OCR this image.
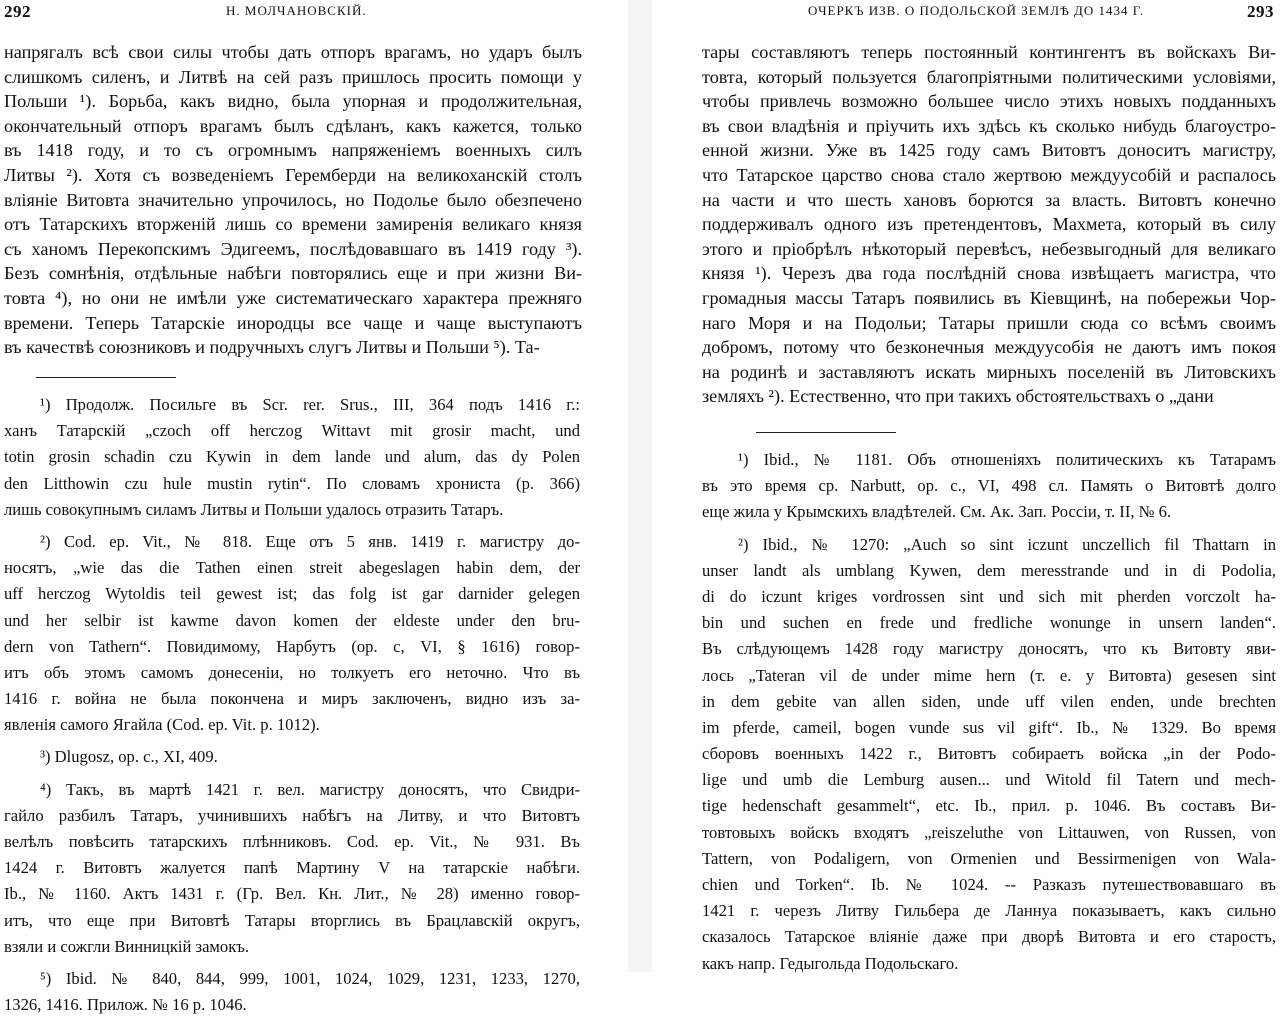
292	Н. МОЛЧАНОВСКІЙ.
напрягалъ всѣ свои силы чтобы дать отпоръ врагамъ, но ударъ былъ
слишкомъ силенъ, и Литвѣ на сей разъ пришлось просить помощи у
Польши ¹). Борьба, какъ видно, была упорная и продолжительная,
окончательный отпоръ врагамъ былъ сдѣланъ, какъ кажется, только
въ 1418 году, и то съ огромнымъ напряженіемъ военныхъ силъ
Литвы ²). Хотя съ возведеніемъ Геремберди на великоханскій столъ
вліяніе Витовта значительно упрочилось, но Подолье было обезпечено
отъ Татарскихъ вторженій лишь со времени замиренія великаго князя
съ ханомъ Перекопскимъ Эдигеемъ, послѣдовавшаго въ 1419 году ³).
Безъ сомнѣнія, отдѣльные набѣги повторялись еще и при жизни Ви-
товта ⁴), но они не имѣли уже систематическаго характера прежняго
времени. Теперь Татарскіе инородцы все чаще и чаще выступаютъ
въ качествѣ союзниковъ и подручныхъ слугъ Литвы и Польши ⁵). Та-
¹) Продолж. Посильге въ Scr. rer. Srus., III, 364 подъ 1416 г.:
ханъ Татарскій „czoch off herczog Wittavt mit grosir macht, und
totin grosin schadin czu Kywin in dem lande und alum, das dy Polen
den Litthowin czu hule mustin rytin“. По словамъ хрониста (р. 366)
лишь совокупнымъ силамъ Литвы и Польши удалось отразить Татаръ.
²) Cod. ep. Vit., № 818. Еще отъ 5 янв. 1419 г. магистру до-
носятъ, „wie das die Tathen einen streit abegeslagen habin dem, der
uff herczog Wytoldis teil gewest ist; das folg ist gar darnider gelegen
und her selbir ist kawme davon komen der eldeste under den bru-
dern von Tathern“. Повидимому, Нарбутъ (ор. с, VI, § 1616) говор-
итъ объ этомъ самомъ донесеніи, но толкуетъ его неточно. Что въ
1416 г. война не была покончена и миръ заключенъ, видно изъ за-
явленія самого Ягайла (Cod. ep. Vit. р. 1012).
³) Dlugosz, op. c., XI, 409.
⁴) Такъ, въ мартѣ 1421 г. вел. магистру доносятъ, что Свидри-
гайло разбилъ Татаръ, учинившихъ набѣгъ на Литву, и что Витовтъ
велѣлъ повѣсить татарскихъ плѣнниковъ. Cod. ep. Vit., № 931. Въ
1424 г. Витовтъ жалуется папѣ Мартину V на татарскіе набѣги.
Ib., № 1160. Актъ 1431 г. (Гр. Вел. Кн. Лит., № 28) именно говор-
итъ, что еще при Витовтѣ Татары вторглись въ Брацлавскій округъ,
взяли и сожгли Винницкій замокъ.
⁵) Ibid. № 840, 844, 999, 1001, 1024, 1029, 1231, 1233, 1270,
1326, 1416. Прилож. № 16 р. 1046.
ОЧЕРКЪ ИЗВ. О ПОДОЛЬСКОЙ ЗЕМЛѢ ДО 1434 Г.	293
тары составляютъ теперь постоянный контингентъ въ войскахъ Ви-
товта, который пользуется благопріятными политическими условіями,
чтобы привлечь возможно большее число этихъ новыхъ подданныхъ
въ свои владѣнія и пріучить ихъ здѣсь къ сколько нибудь благоустро-
енной жизни. Уже въ 1425 году самъ Витовтъ доноситъ магистру,
что Татарское царство снова стало жертвою междуусобій и распалось
на части и что шесть хановъ борются за власть. Витовтъ конечно
поддерживалъ одного изъ претендентовъ, Махмета, который въ силу
этого и пріобрѣлъ нѣкоторый перевѣсъ, небезвыгодный для великаго
князя ¹). Черезъ два года послѣдній снова извѣщаетъ магистра, что
громадныя массы Татаръ появились въ Кіевщинѣ, на побережьи Чор-
наго Моря и на Подольи; Татары пришли сюда со всѣмъ своимъ
добромъ, потому что безконечныя междуусобія не даютъ имъ покоя
на родинѣ и заставляютъ искать мирныхъ поселеній въ Литовскихъ
земляхъ ²). Естественно, что при такихъ обстоятельствахъ о „дани
¹) Ibid., № 1181. Объ отношеніяхъ политическихъ къ Татарамъ
въ это время ср. Narbutt, op. c., VI, 498 сл. Память о Витовтѣ долго
еще жила у Крымскихъ владѣтелей. См. Ак. Зап. Россіи, т. II, № 6.
²) Ibid., № 1270: „Auch so sint iczunt unczellich fil Thattarn in
unser landt als umblang Kywen, dem meresstrande und in di Podolia,
di do iczunt kriges vordrossen sint und sich mit pherden vorczolt ha-
bin und suchen en frede und fredliche wonunge in unsern landen“.
Въ слѣдующемъ 1428 году магистру доносятъ, что къ Витовту яви-
лось „Tateran vil de under mime hern (т. е. у Витовта) gesesen sint
in dem gebite van allen siden, unde uff vilen enden, unde brechten
im pferde, cameil, bogen vunde sus vil gift“. Ib., № 1329. Во время
сборовъ военныхъ 1422 г., Витовтъ собираетъ войска „in der Podo-
lige und umb die Lemburg ausen... und Witold fil Tatern und mech-
tige hedenschaft gesammelt“, etc. Ib., прил. р. 1046. Въ составъ Ви-
товтовыхъ войскъ входятъ „reiszeluthe von Littauwen, von Russen, von
Tattern, von Podaligern, von Ormenien und Bessirmenigen von Wala-
chien und Torken“. Ib. № 1024. -- Разказъ путешествовавшаго въ
1421 г. черезъ Литву Гильбера де Ланнуа показываетъ, какъ сильно
сказалось Татарское вліяніе даже при дворѣ Витовта и его старостъ,
какъ напр. Гедыгольда Подольскаго.
